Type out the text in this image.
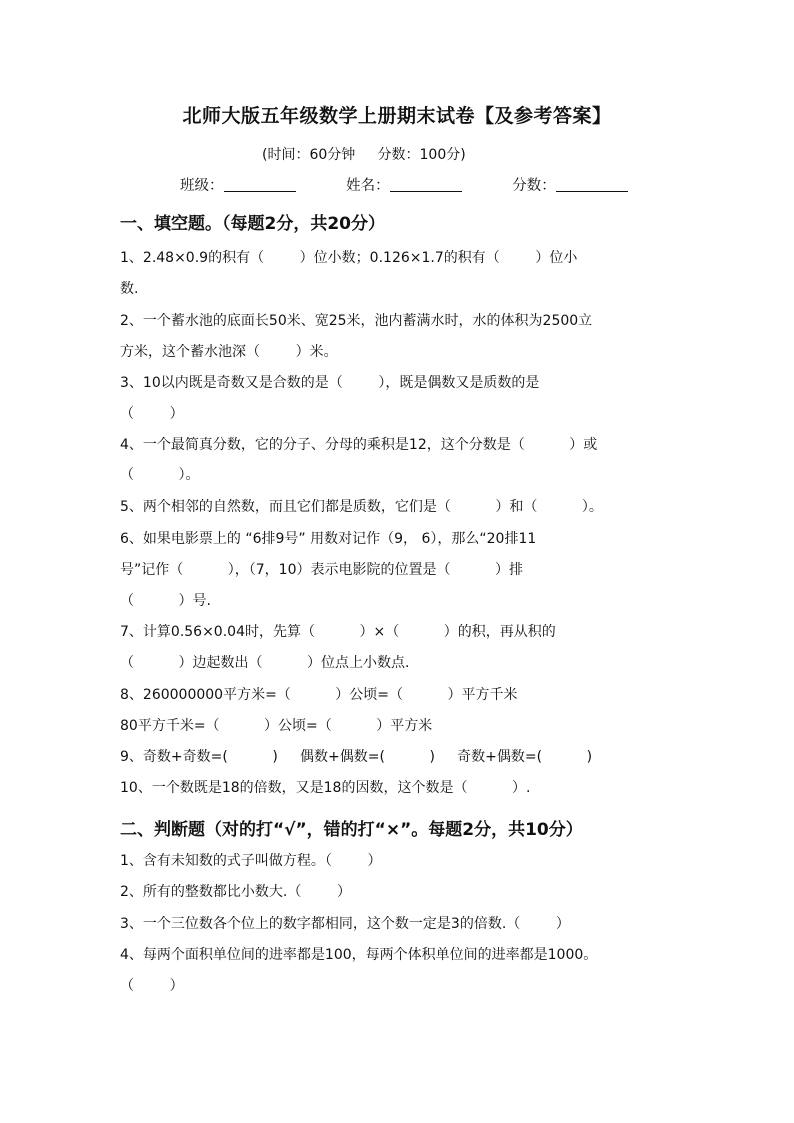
北师大版五年级数学上册期末试卷【及参考答案】
(时间：60分钟     分数：100分)
班级：	姓名：	分数：
一、填空题。（每题2分，共20分）
1、2.48×0.9的积有（        ）位小数；0.126×1.7的积有（        ）位小
数.
2、一个蓄水池的底面长50米、宽25米，池内蓄满水时，水的体积为2500立
方米，这个蓄水池深（        ）米。
3、10以内既是奇数又是合数的是（        ），既是偶数又是质数的是
（        ）
4、一个最简真分数，它的分子、分母的乘积是12，这个分数是（          ）或
（          ）。
5、两个相邻的自然数，而且它们都是质数，它们是（          ）和（          ）。
6、如果电影票上的 “6排9号” 用数对记作（9， 6），那么“20排11
号”记作（          ），（7，10）表示电影院的位置是（          ）排
（          ）号.
7、计算0.56×0.04时，先算（          ）×（          ）的积，再从积的
（          ）边起数出（          ）位点上小数点.
8、260000000平方米=（          ）公顷=（          ）平方千米
80平方千米=（          ）公顷=（          ）平方米
9、奇数+奇数=(          )     偶数+偶数=(          )     奇数+偶数=(          )
10、一个数既是18的倍数，又是18的因数，这个数是（          ）.
二、判断题（对的打“√”，错的打“×”。每题2分，共10分）
1、含有未知数的式子叫做方程。（        ）
2、所有的整数都比小数大.（        ）
3、一个三位数各个位上的数字都相同，这个数一定是3的倍数.（        ）
4、每两个面积单位间的进率都是100，每两个体积单位间的进率都是1000。
（        ）
